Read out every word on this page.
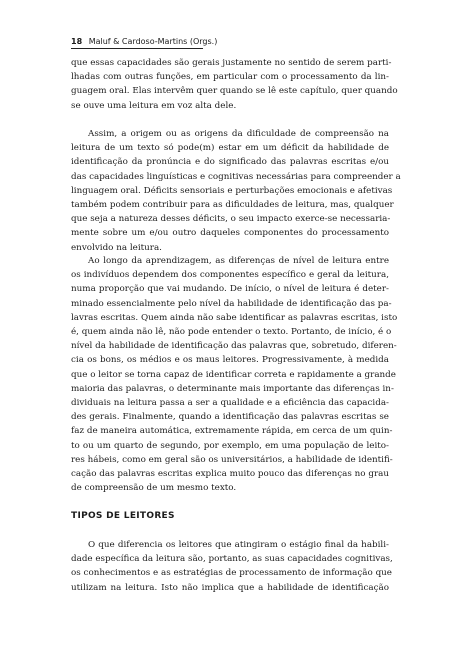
18 Maluf & Cardoso-Martins (Orgs.)
que essas capacidades são gerais justamente no sentido de serem parti-
lhadas com outras funções, em particular com o processamento da lin-
guagem oral. Elas intervêm quer quando se lê este capítulo, quer quando
se ouve uma leitura em voz alta dele.
Assim, a origem ou as origens da dificuldade de compreensão na
leitura de um texto só pode(m) estar em um déficit da habilidade de
identificação da pronúncia e do significado das palavras escritas e/ou
das capacidades linguísticas e cognitivas necessárias para compreender a
linguagem oral. Déficits sensoriais e perturbações emocionais e afetivas
também podem contribuir para as dificuldades de leitura, mas, qualquer
que seja a natureza desses déficits, o seu impacto exerce-se necessaria-
mente sobre um e/ou outro daqueles componentes do processamento
envolvido na leitura.
Ao longo da aprendizagem, as diferenças de nível de leitura entre
os indivíduos dependem dos componentes específico e geral da leitura,
numa proporção que vai mudando. De início, o nível de leitura é deter-
minado essencialmente pelo nível da habilidade de identificação das pa-
lavras escritas. Quem ainda não sabe identificar as palavras escritas, isto
é, quem ainda não lê, não pode entender o texto. Portanto, de início, é o
nível da habilidade de identificação das palavras que, sobretudo, diferen-
cia os bons, os médios e os maus leitores. Progressivamente, à medida
que o leitor se torna capaz de identificar correta e rapidamente a grande
maioria das palavras, o determinante mais importante das diferenças in-
dividuais na leitura passa a ser a qualidade e a eficiência das capacida-
des gerais. Finalmente, quando a identificação das palavras escritas se
faz de maneira automática, extremamente rápida, em cerca de um quin-
to ou um quarto de segundo, por exemplo, em uma população de leito-
res hábeis, como em geral são os universitários, a habilidade de identifi-
cação das palavras escritas explica muito pouco das diferenças no grau
de compreensão de um mesmo texto.
TIPOS DE LEITORES
O que diferencia os leitores que atingiram o estágio final da habili-
dade específica da leitura são, portanto, as suas capacidades cognitivas,
os conhecimentos e as estratégias de processamento de informação que
utilizam na leitura. Isto não implica que a habilidade de identificação
